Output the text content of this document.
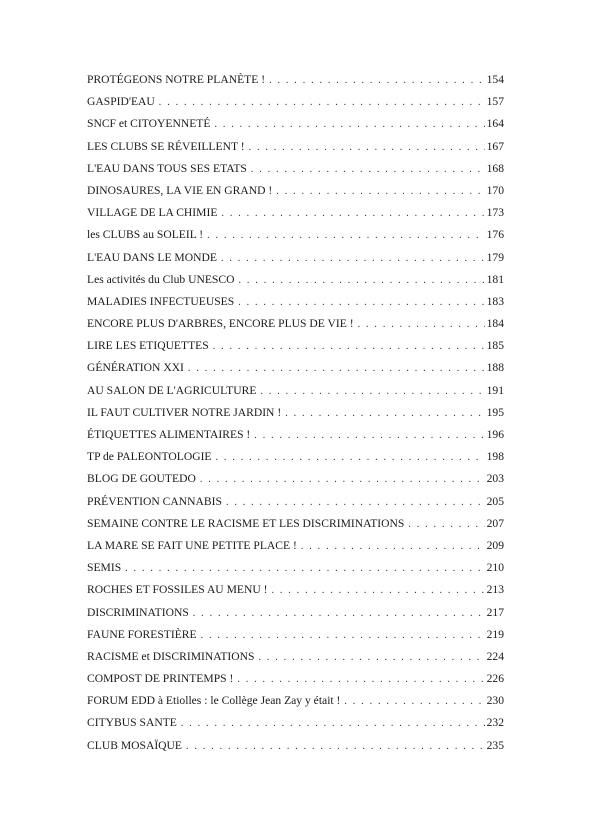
PROTÉGEONS NOTRE PLANÈTE ! . . .	154
GASPID'EAU . . .	157
SNCF et CITOYENNETÉ . . .	164
LES CLUBS SE RÉVEILLENT ! . . .	167
L'EAU DANS TOUS SES ETATS . . .	168
DINOSAURES, LA VIE EN GRAND ! . . .	170
VILLAGE DE LA CHIMIE . . .	173
les CLUBS au SOLEIL ! . . .	176
L'EAU DANS LE MONDE . . .	179
Les activités du Club UNESCO . . .	181
MALADIES INFECTUEUSES . . .	183
ENCORE PLUS D'ARBRES, ENCORE PLUS DE VIE ! . . .	184
LIRE LES ETIQUETTES . . .	185
GÉNÉRATION XXI . . .	188
AU SALON DE L'AGRICULTURE . . .	191
IL FAUT CULTIVER NOTRE JARDIN ! . . .	195
ÉTIQUETTES ALIMENTAIRES ! . . .	196
TP de PALEONTOLOGIE . . .	198
BLOG DE GOUTEDO . . .	203
PRÉVENTION CANNABIS . . .	205
SEMAINE CONTRE LE RACISME ET LES DISCRIMINATIONS . . .	207
LA MARE SE FAIT UNE PETITE PLACE ! . . .	209
SEMIS . . .	210
ROCHES ET FOSSILES AU MENU ! . . .	213
DISCRIMINATIONS . . .	217
FAUNE FORESTIÈRE . . .	219
RACISME et DISCRIMINATIONS . . .	224
COMPOST DE PRINTEMPS ! . . .	226
FORUM EDD à Etiolles : le Collège Jean Zay y était ! . . .	230
CITYBUS SANTE . . .	232
CLUB MOSAÏQUE . . .	235
